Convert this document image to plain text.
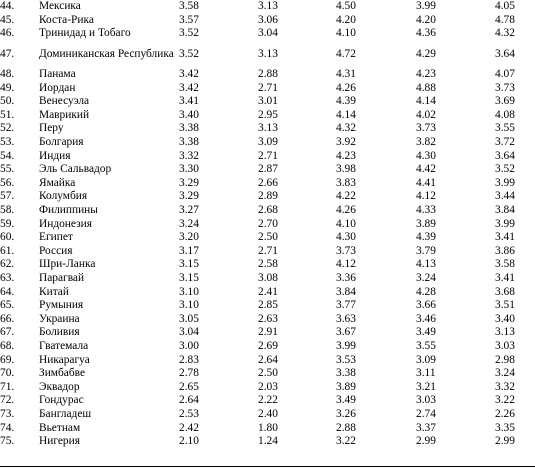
44.	Мексика	3.58	3.13	4.50	3.99	4.05	
45.	Коста-Рика	3.57	3.06	4.20	4.20	4.78	
46.	Тринидад и Тобаго	3.52	3.04	4.10	4.36	4.32	
47.	Доминиканская Республика	3.52	3.13	4.72	4.29	3.64	
48.	Панама	3.42	2.88	4.31	4.23	4.07	
49.	Иордан	3.42	2.71	4.26	4.88	3.73	
50.	Венесуэла	3.41	3.01	4.39	4.14	3.69	
51.	Маврикий	3.40	2.95	4.14	4.02	4.08	
52.	Перу	3.38	3.13	4.32	3.73	3.55	
53.	Болгария	3.38	3.09	3.92	3.82	3.72	
54.	Индия	3.32	2.71	4.23	4.30	3.64	
55.	Эль Сальвадор	3.30	2.87	3.98	4.42	3.52	
56.	Ямайка	3.29	2.66	3.83	4.41	3.99	
57.	Колумбия	3.29	2.89	4.22	4.12	3.44	
58.	Филиппины	3.27	2.68	4.26	4.33	3.84	
59.	Индонезия	3.24	2.70	4.10	3.89	3.99	
60.	Египет	3.20	2.50	4.30	4.39	3.41	
61.	Россия	3.17	2.71	3.73	3.79	3.86	
62.	Шри-Ланка	3.15	2.58	4.12	4.13	3.58	
63.	Парагвай	3.15	3.08	3.36	3.24	3.41	
64.	Китай	3.10	2.41	3.84	4.28	3.68	
65.	Румыния	3.10	2.85	3.77	3.66	3.51	
66.	Украина	3.05	2.63	3.63	3.46	3.40	
67.	Боливия	3.04	2.91	3.67	3.49	3.13	
68.	Гватемала	3.00	2.69	3.99	3.55	3.03	
69.	Никарагуа	2.83	2.64	3.53	3.09	2.98	
70.	Зимбабве	2.78	2.50	3.38	3.11	3.24	
71.	Эквадор	2.65	2.03	3.89	3.21	3.32	
72.	Гондурас	2.64	2.22	3.49	3.03	3.22	
73.	Бангладеш	2.53	2.40	3.26	2.74	2.26	
74.	Вьетнам	2.42	1.80	2.88	3.37	3.35	
75.	Нигерия	2.10	1.24	3.22	2.99	2.99	
